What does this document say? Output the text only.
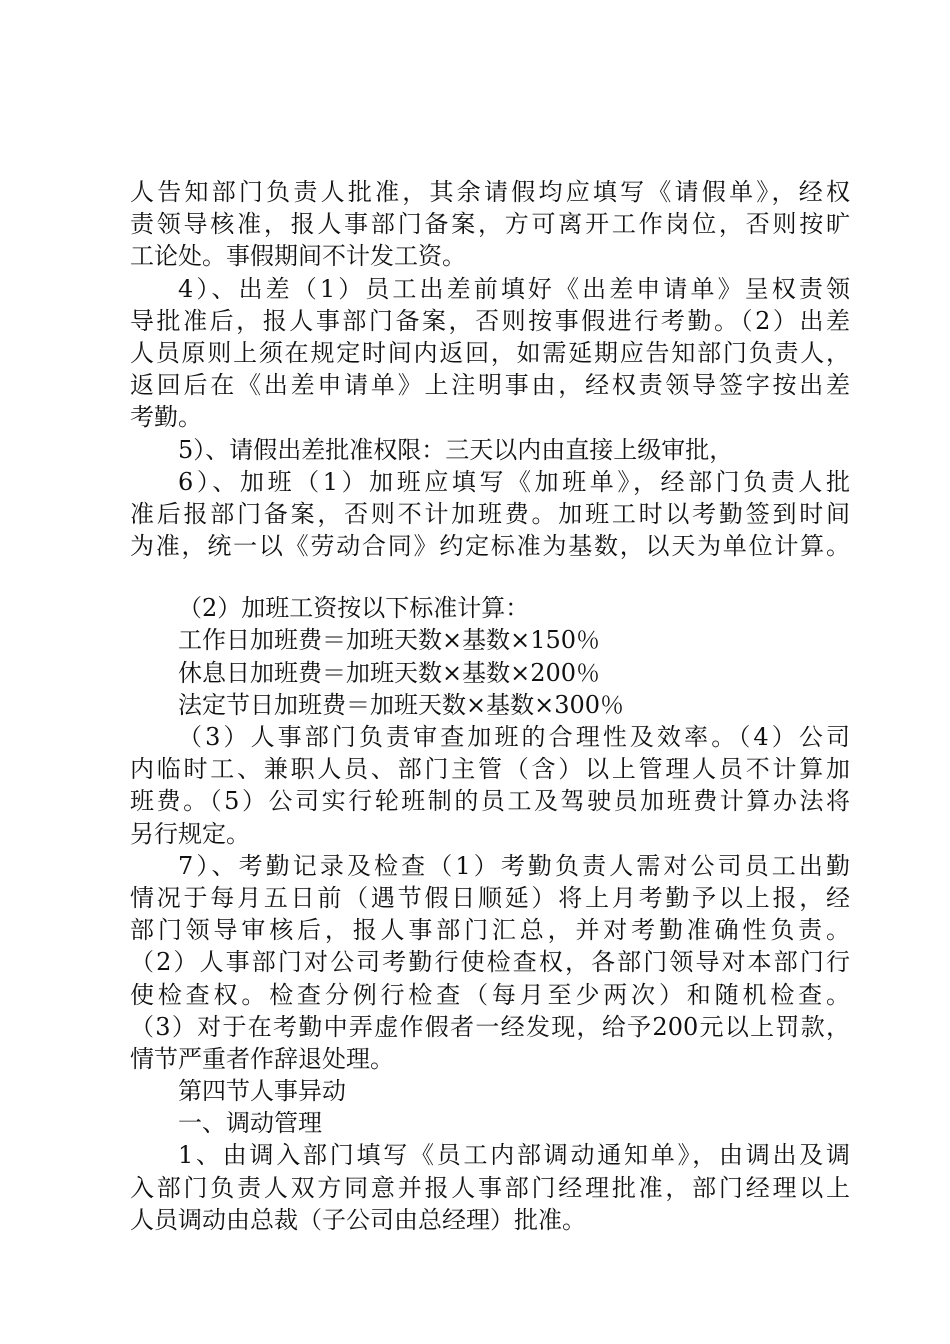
人告知部门负责人批准，其余请假均应填写《请假单》，经权
责领导核准，报人事部门备案，方可离开工作岗位，否则按旷
工论处。事假期间不计发工资。
4）、出差（1）员工出差前填好《出差申请单》呈权责领
导批准后，报人事部门备案，否则按事假进行考勤。（2）出差
人员原则上须在规定时间内返回，如需延期应告知部门负责人，
返回后在《出差申请单》上注明事由，经权责领导签字按出差
考勤。
5）、请假出差批准权限：三天以内由直接上级审批，
6）、加班（1）加班应填写《加班单》，经部门负责人批
准后报部门备案，否则不计加班费。加班工时以考勤签到时间
为准，统一以《劳动合同》约定标准为基数，以天为单位计算。
（2）加班工资按以下标准计算：
工作日加班费＝加班天数×基数×150％
休息日加班费＝加班天数×基数×200％
法定节日加班费＝加班天数×基数×300％
（3）人事部门负责审查加班的合理性及效率。（4）公司
内临时工、兼职人员、部门主管（含）以上管理人员不计算加
班费。（5）公司实行轮班制的员工及驾驶员加班费计算办法将
另行规定。
7）、考勤记录及检查（1）考勤负责人需对公司员工出勤
情况于每月五日前（遇节假日顺延）将上月考勤予以上报，经
部门领导审核后，报人事部门汇总，并对考勤准确性负责。
（2）人事部门对公司考勤行使检查权，各部门领导对本部门行
使检查权。检查分例行检查（每月至少两次）和随机检查。
（3）对于在考勤中弄虚作假者一经发现，给予200元以上罚款，
情节严重者作辞退处理。
第四节人事异动
一、调动管理
1、由调入部门填写《员工内部调动通知单》，由调出及调
入部门负责人双方同意并报人事部门经理批准，部门经理以上
人员调动由总裁（子公司由总经理）批准。
